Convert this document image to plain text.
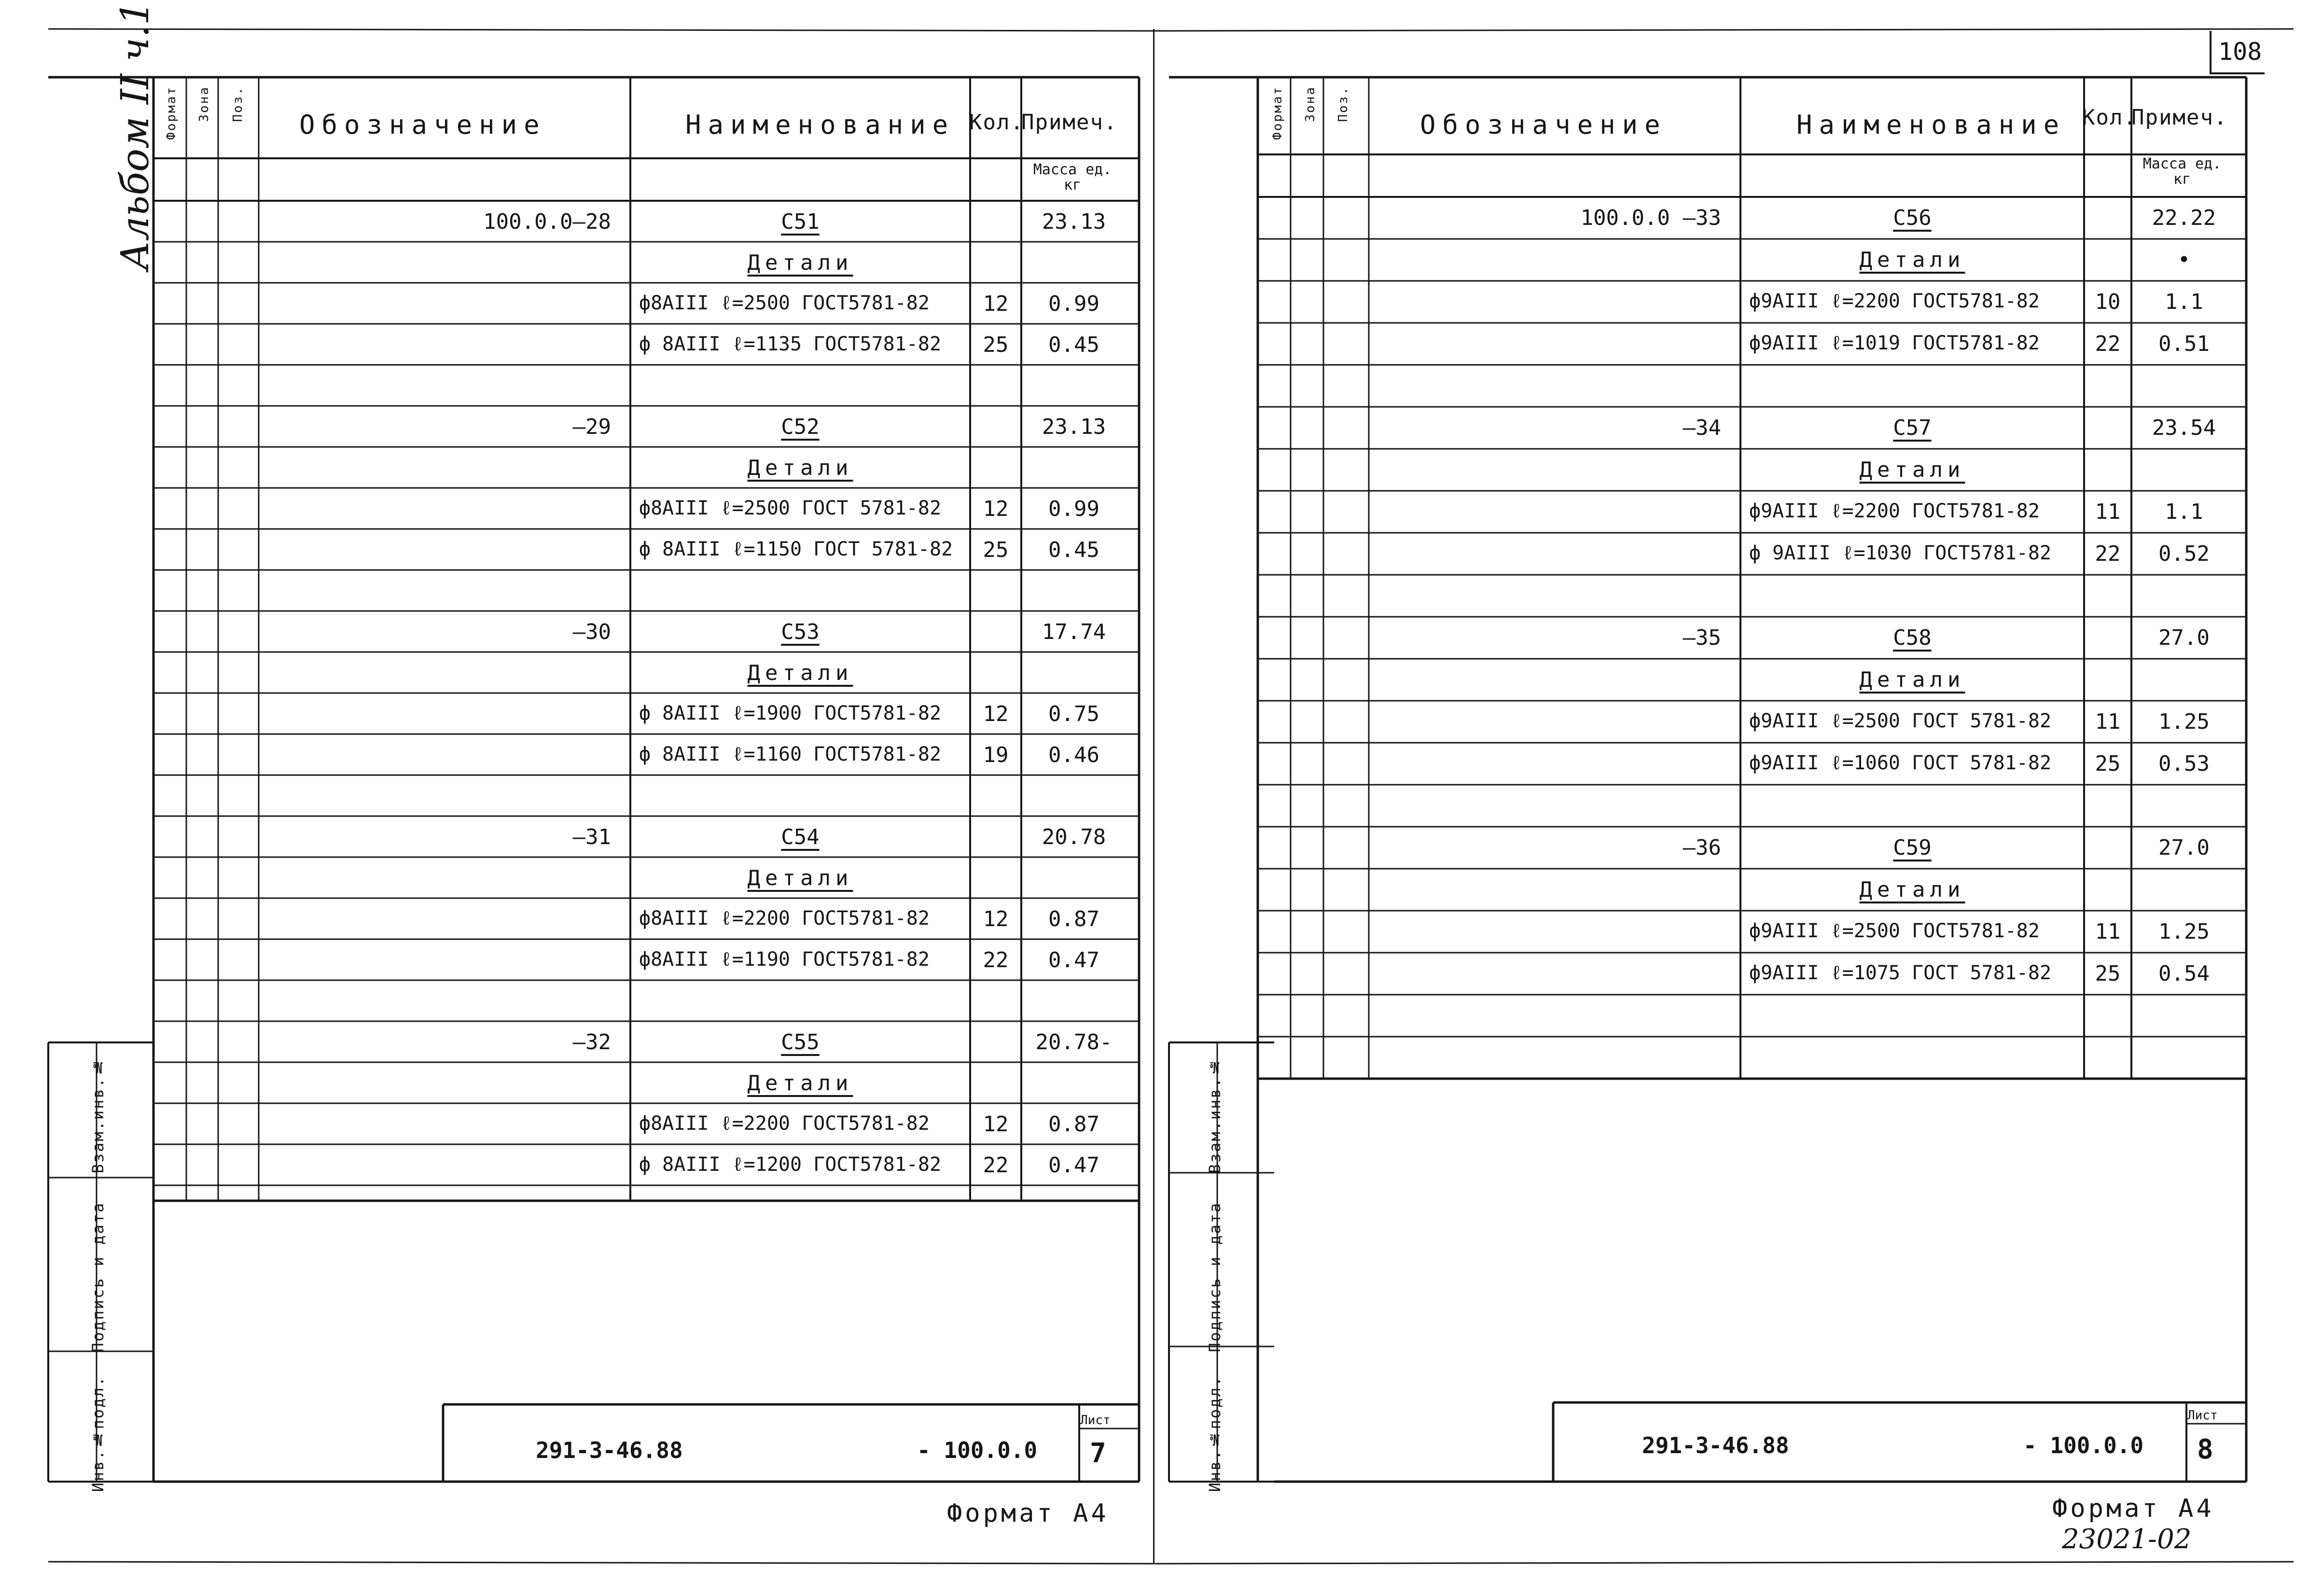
Альбом II ч.1	108
23021-02
Формат Зона Поз.
Обозначение	Наименование Кол.
Примеч.
Масса ед. кг
100.0.0—28	С51	23.13
Детали
ф8АIII ℓ=2500 ГОСТ5781-82	12	0.99
ф 8АIII ℓ=1135 ГОСТ5781-82	25	0.45
—29	С52	23.13
Детали
ф8АIII ℓ=2500 ГОСТ 5781-82	12	0.99
ф 8АIII ℓ=1150 ГОСТ 5781-82	25	0.45
—30	С53	17.74
Детали
ф 8АIII ℓ=1900 ГОСТ5781-82	12	0.75
ф 8АIII ℓ=1160 ГОСТ5781-82	19	0.46
—31	С54	20.78
Детали
ф8АIII ℓ=2200 ГОСТ5781-82	12	0.87
ф8АIII ℓ=1190 ГОСТ5781-82	22	0.47
—32	С55	20.78-
Детали
ф8АIII ℓ=2200 ГОСТ5781-82	12	0.87
ф 8АIII ℓ=1200 ГОСТ5781-82	22	0.47
Инв.№подл.
Подпись и дата
Взам.инв.№
291-3-46.88	- 100.0.0
Лист
7
Формат А4
Формат Зона Поз.
Обозначение	Наименование Кол.
Примеч.
Масса ед. кг
100.0.0 —33	С56	22.22
Детали	•
ф9АIII ℓ=2200 ГОСТ5781-82	10	1.1
ф9АIII ℓ=1019 ГОСТ5781-82	22	0.51
—34	С57	23.54
Детали
ф9АIII ℓ=2200 ГОСТ5781-82	11	1.1
ф 9АIII ℓ=1030 ГОСТ5781-82	22	0.52
—35	С58	27.0
Детали
ф9АIII ℓ=2500 ГОСТ 5781-82	11	1.25
ф9АIII ℓ=1060 ГОСТ 5781-82	25	0.53
—36	С59	27.0
Детали
ф9АIII ℓ=2500 ГОСТ5781-82	11	1.25
ф9АIII ℓ=1075 ГОСТ 5781-82	25	0.54
Инв.№подл.
Подпись и дата
Взам.инв.№
291-3-46.88	- 100.0.0
Лист
8
Формат А4
